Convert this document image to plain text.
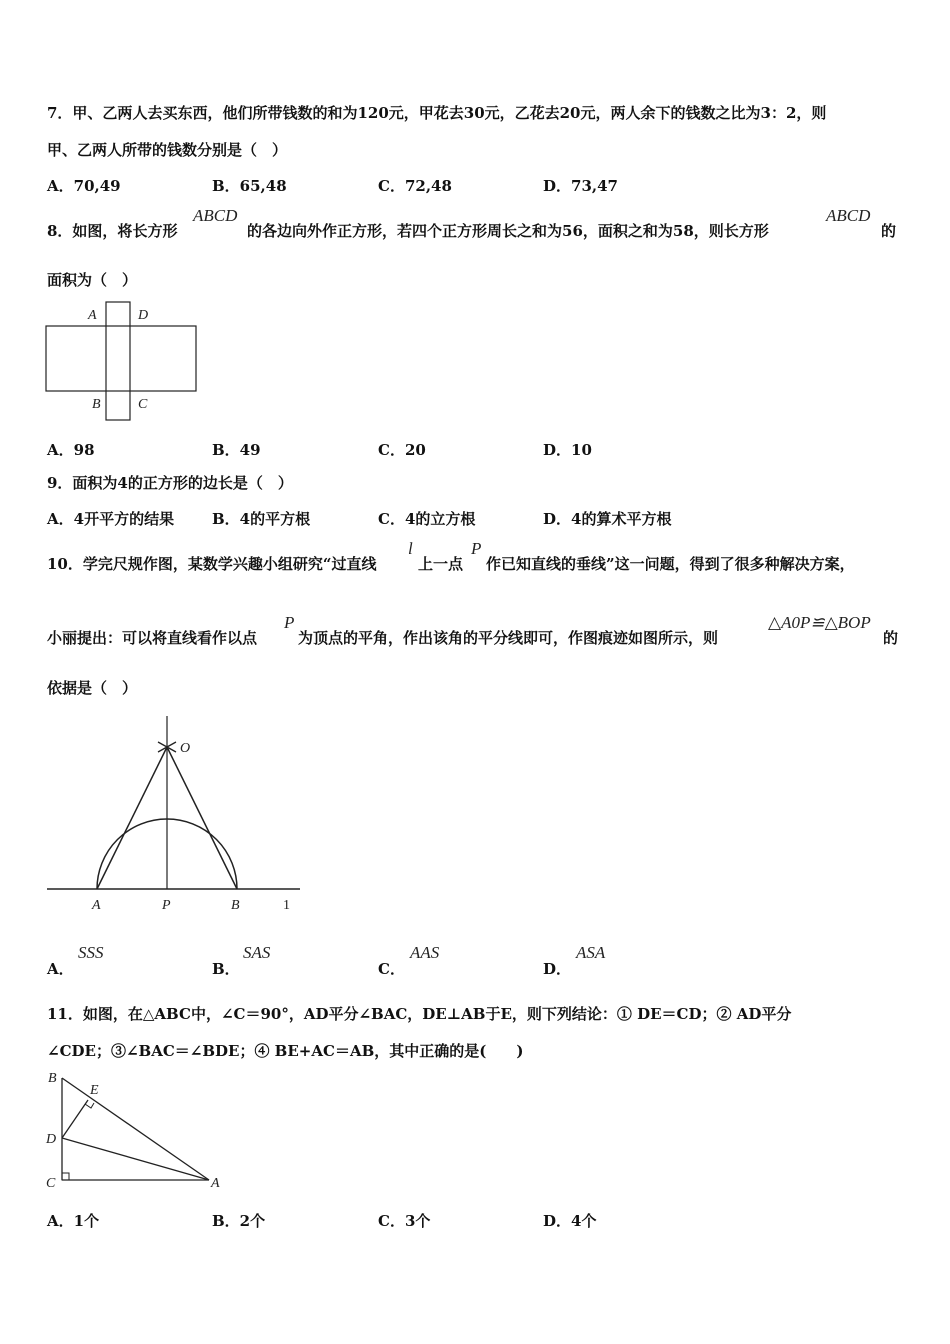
7．甲、乙两人去买东西，他们所带钱数的和为120元，甲花去30元，乙花去20元，两人余下的钱数之比为3：2，则
甲、乙两人所带的钱数分别是（　）
A．70,49	B．65,48	C．72,48	D．73,47
8．如图，将长方形
ABCD
的各边向外作正方形，若四个正方形周长之和为56，面积之和为58，则长方形
ABCD
的
面积为（　）
A	D
B	C
A．98	B．49	C．20	D．10
9．面积为4的正方形的边长是（　）
A．4开平方的结果	B．4的平方根	C．4的立方根	D．4的算术平方根
10．学完尺规作图，某数学兴趣小组研究“过直线
l
上一点
P
作已知直线的垂线”这一问题，得到了很多种解决方案，
小丽提出：可以将直线看作以点
P
为顶点的平角，作出该角的平分线即可，作图痕迹如图所示，则
△A0P≌△BOP
的
依据是（　）
O
A	P	B	1
A．
SSS
B．
SAS
C．
AAS
D．
ASA
11．如图，在△ABC中，∠C＝90°，AD平分∠BAC，DE⊥AB于E，则下列结论：① DE＝CD；② AD平分
∠CDE；③∠BAC＝∠BDE；④ BE+AC＝AB，其中正确的是(　　)
B
E
D
C	A
A．1个	B．2个	C．3个	D．4个
